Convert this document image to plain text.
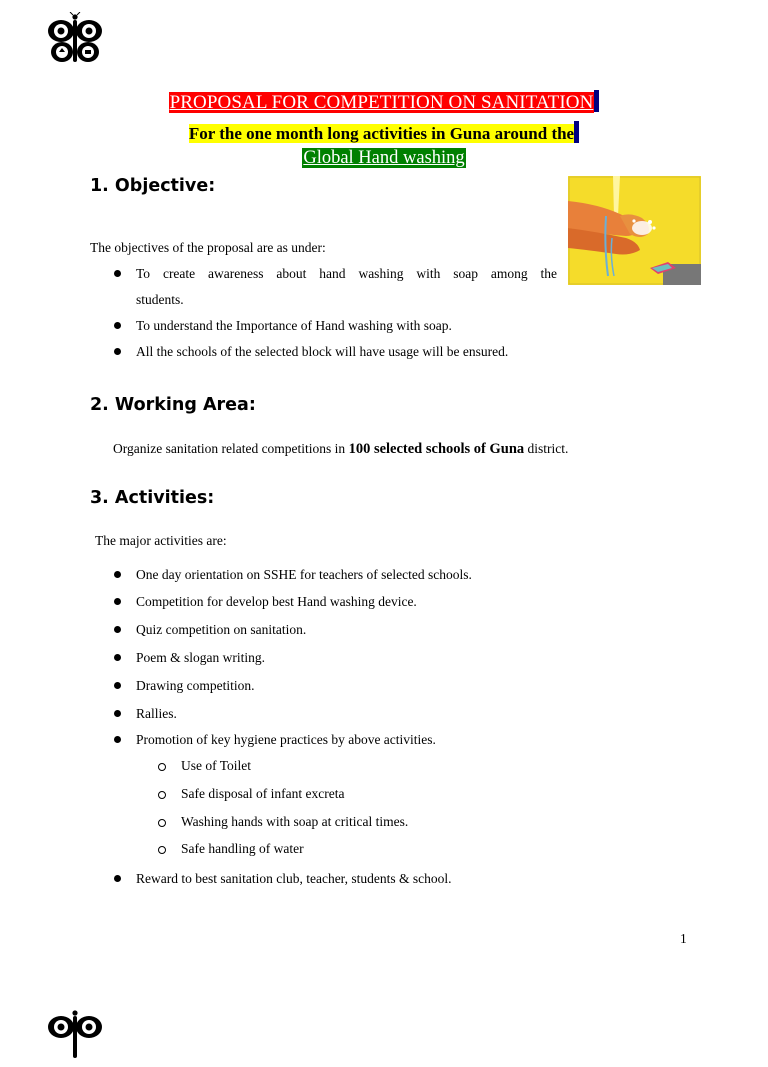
PROPOSAL FOR COMPETITION ON SANITATION
For the one month long activities in Guna around the
Global Hand washing
1. Objective:
The objectives of the proposal are as under:
To create awareness about hand washing with soap among the
students.
To understand the Importance of Hand washing with soap.
All the schools of the selected block will have usage will be ensured.
2. Working Area:
Organize sanitation related competitions in 100 selected schools of Guna district.
3. Activities:
The major activities are:
One day orientation on SSHE for teachers of selected schools.
Competition for develop best Hand washing device.
Quiz competition on sanitation.
Poem & slogan writing.
Drawing competition.
Rallies.
Promotion of key hygiene practices by above activities.
Use of Toilet
Safe disposal of infant excreta
Washing hands with soap at critical times.
Safe handling of water
Reward to best sanitation club, teacher, students & school.
1
